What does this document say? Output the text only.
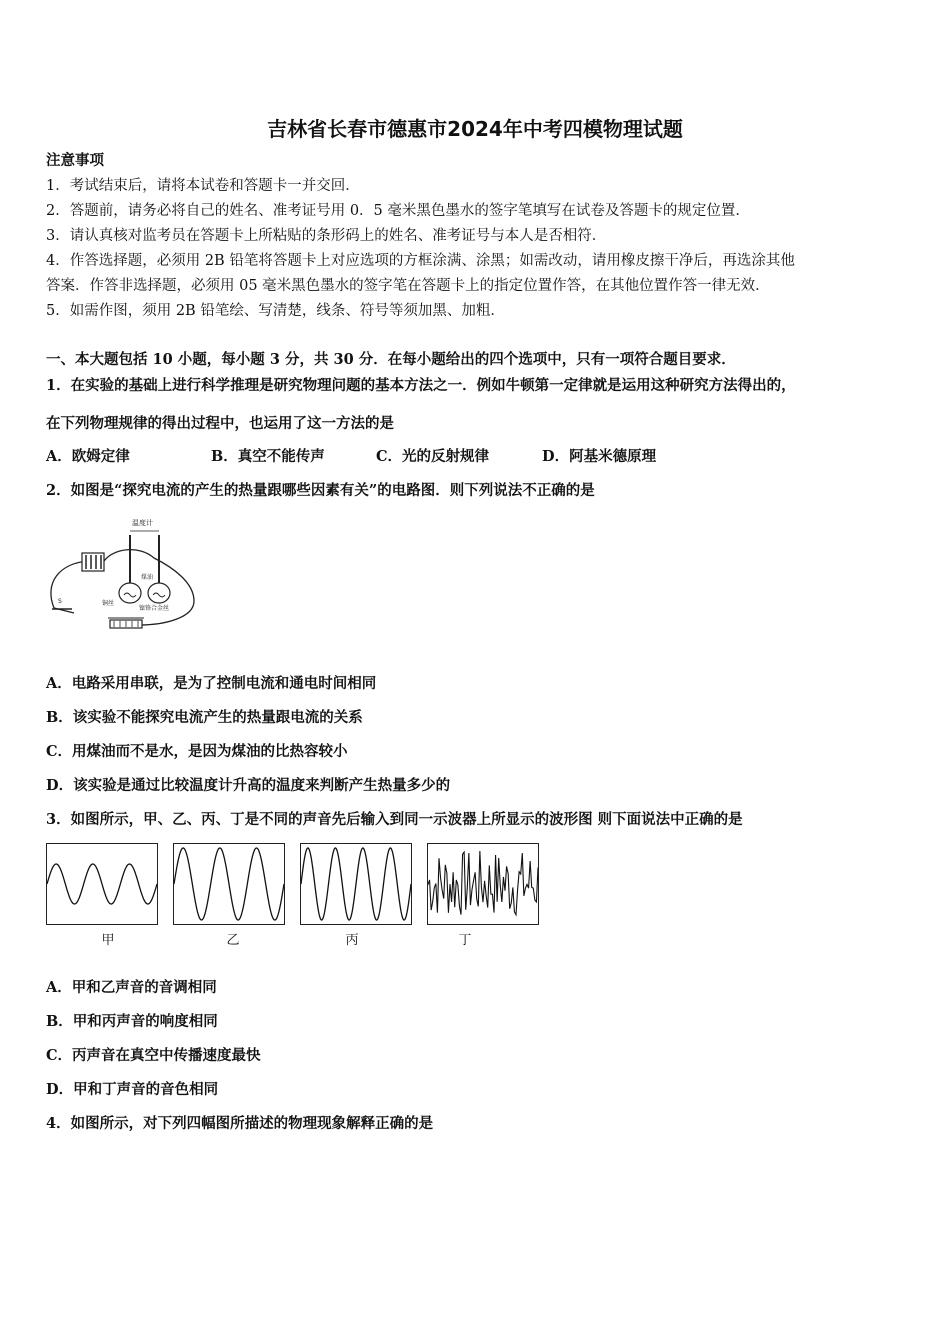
吉林省长春市德惠市2024年中考四模物理试题
注意事项
1．考试结束后，请将本试卷和答题卡一并交回．
2．答题前，请务必将自己的姓名、准考证号用 0．5 毫米黑色墨水的签字笔填写在试卷及答题卡的规定位置．
3．请认真核对监考员在答题卡上所粘贴的条形码上的姓名、准考证号与本人是否相符．
4．作答选择题，必须用 2B 铅笔将答题卡上对应选项的方框涂满、涂黑；如需改动，请用橡皮擦干净后，再选涂其他
答案．作答非选择题，必须用 05 毫米黑色墨水的签字笔在答题卡上的指定位置作答，在其他位置作答一律无效．
5．如需作图，须用 2B 铅笔绘、写清楚，线条、符号等须加黑、加粗．
一、本大题包括 10 小题，每小题 3 分，共 30 分．在每小题给出的四个选项中，只有一项符合题目要求．
1．在实验的基础上进行科学推理是研究物理问题的基本方法之一．例如牛顿第一定律就是运用这种研究方法得出的，
在下列物理规律的得出过程中，也运用了这一方法的是
A．欧姆定律	B．真空不能传声	C．光的反射规律	D．阿基米德原理
2．如图是“探究电流的产生的热量跟哪些因素有关”的电路图．则下列说法不正确的是
温度计
煤油
铜丝
镍铬合金丝
S
A．电路采用串联，是为了控制电流和通电时间相同
B．该实验不能探究电流产生的热量跟电流的关系
C．用煤油而不是水，是因为煤油的比热容较小
D．该实验是通过比较温度计升高的温度来判断产生热量多少的
3．如图所示，甲、乙、丙、丁是不同的声音先后输入到同一示波器上所显示的波形图 则下面说法中正确的是
甲	乙	丙	丁
A．甲和乙声音的音调相同
B．甲和丙声音的响度相同
C．丙声音在真空中传播速度最快
D．甲和丁声音的音色相同
4．如图所示，对下列四幅图所描述的物理现象解释正确的是
